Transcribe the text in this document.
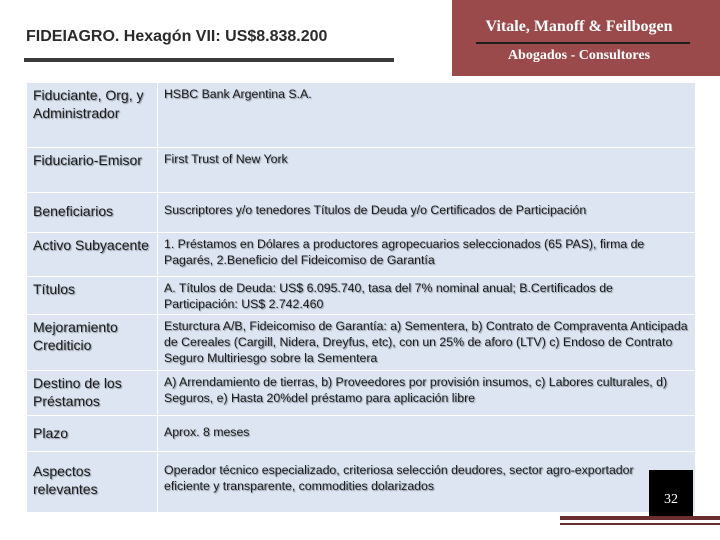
FIDEIAGRO. Hexagón VII: US$8.838.200
Vitale, Manoff & Feilbogen
Abogados - Consultores
Fiduciante, Org, y Administrador	HSBC Bank Argentina S.A.
Fiduciario-Emisor	First Trust of New York
Beneficiarios	Suscriptores y/o tenedores Títulos de Deuda y/o Certificados de Participación
Activo Subyacente	1. Préstamos en Dólares a productores agropecuarios seleccionados (65 PAS), firma de Pagarés, 2.Beneficio del Fideicomiso de Garantía
Títulos	A. Títulos de Deuda: US$ 6.095.740, tasa del 7% nominal anual; B.Certificados de Participación: US$ 2.742.460
Mejoramiento Crediticio	Esturctura A/B, Fideicomiso de Garantía: a) Sementera, b) Contrato de Compraventa Anticipada de Cereales (Cargill, Nidera, Dreyfus, etc), con un 25% de aforo (LTV) c) Endoso de Contrato Seguro Multiriesgo sobre la Sementera
Destino de los Préstamos	A) Arrendamiento de tierras, b) Proveedores por provisión insumos, c) Labores culturales, d) Seguros, e) Hasta 20%del préstamo para aplicación libre
Plazo	Aprox. 8 meses
Aspectos relevantes	Operador técnico especializado, criteriosa selección deudores, sector agro-exportador eficiente y transparente, commodities dolarizados
32
